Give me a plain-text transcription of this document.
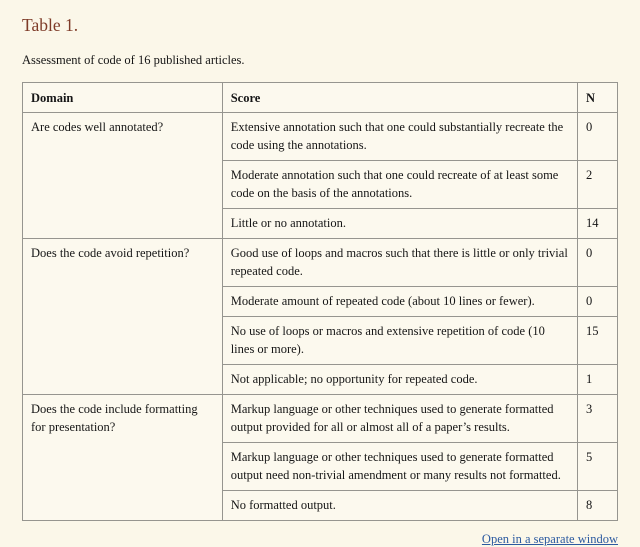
Table 1.
Assessment of code of 16 published articles.
Domain	Score	N
Are codes well annotated?	Extensive annotation such that one could substantially recreate the code using the annotations.	0
	Moderate annotation such that one could recreate of at least some code on the basis of the annotations.	2
	Little or no annotation.	14
Does the code avoid repetition?	Good use of loops and macros such that there is little or only trivial repeated code.	0
	Moderate amount of repeated code (about 10 lines or fewer).	0
	No use of loops or macros and extensive repetition of code (10 lines or more).	15
	Not applicable; no opportunity for repeated code.	1
Does the code include formatting for presentation?	Markup language or other techniques used to generate formatted output provided for all or almost all of a paper’s results.	3
	Markup language or other techniques used to generate formatted output need non-trivial amendment or many results not formatted.	5
	No formatted output.	8
Open in a separate window
